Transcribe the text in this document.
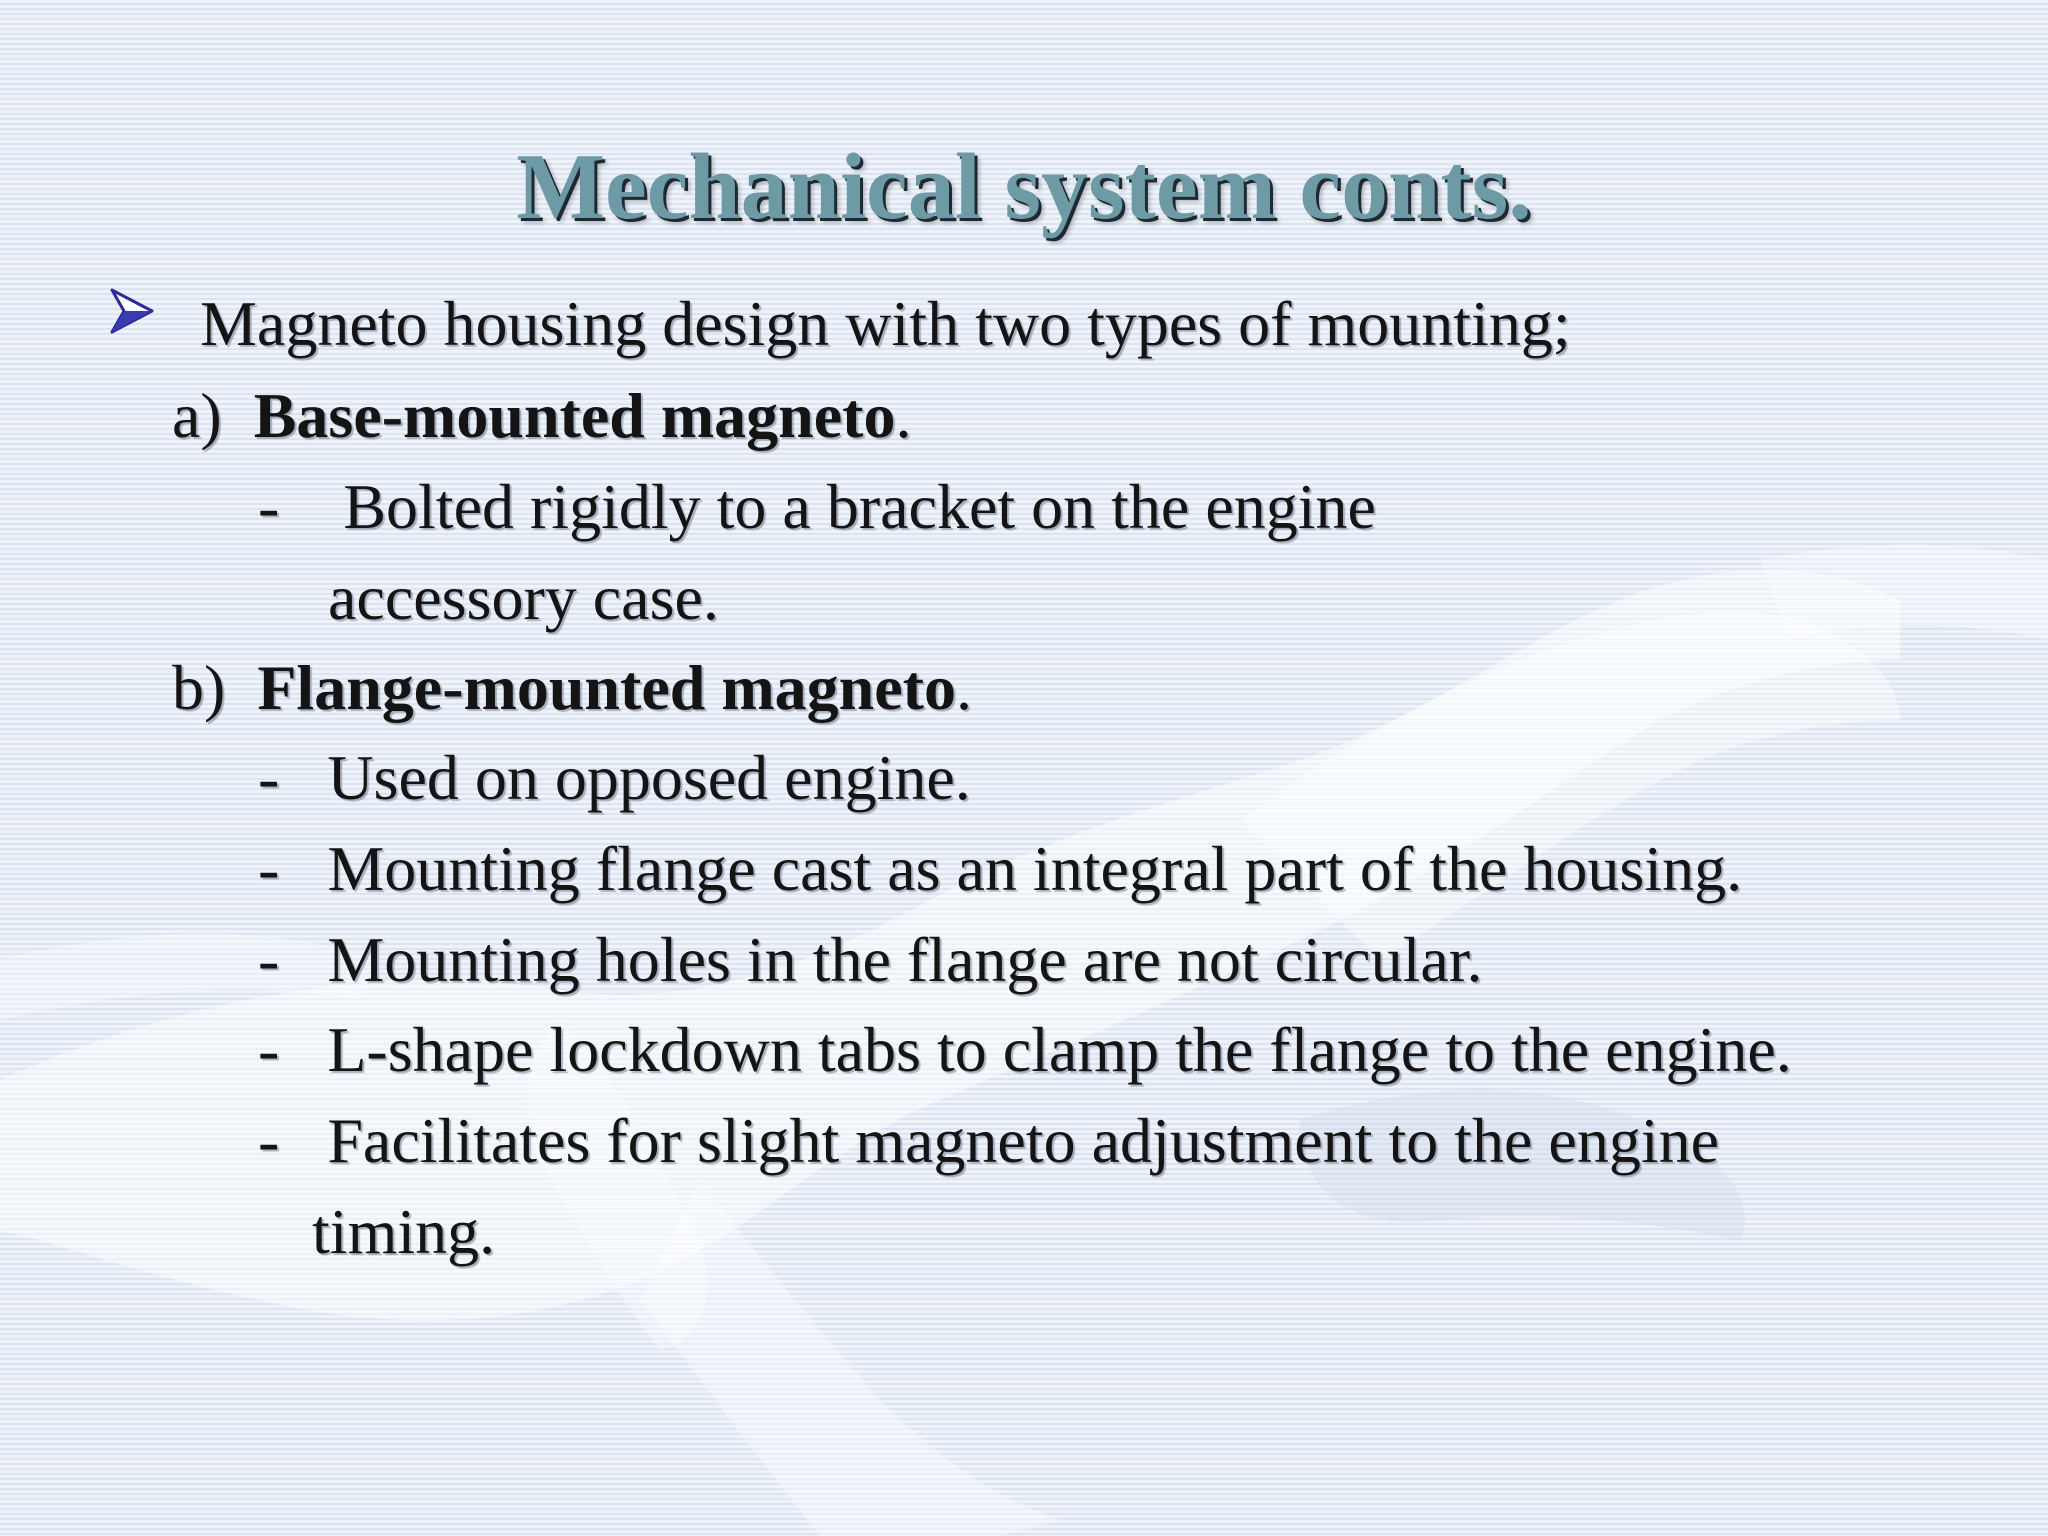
Mechanical system conts.
Magneto housing design with two types of mounting;
a) Base-mounted magneto.
- Bolted rigidly to a bracket on the engine
accessory case.
b) Flange-mounted magneto.
- Used on opposed engine.
- Mounting flange cast as an integral part of the housing.
- Mounting holes in the flange are not circular.
- L-shape lockdown tabs to clamp the flange to the engine.
- Facilitates for slight magneto adjustment to the engine
timing.
